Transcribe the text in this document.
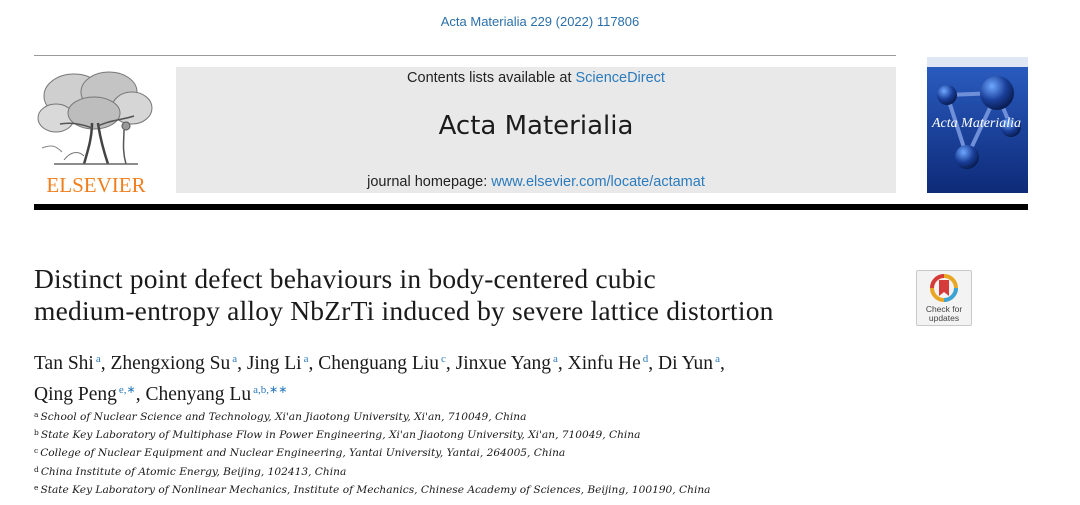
Acta Materialia 229 (2022) 117806
ELSEVIER
Contents lists available at ScienceDirect
Acta Materialia
journal homepage: www.elsevier.com/locate/actamat
Acta Materialia
Distinct point defect behaviours in body-centered cubic
medium-entropy alloy NbZrTi induced by severe lattice distortion	Check for
updates
Tan Shi $^a$, Zhengxiong Su $^a$, Jing Li $^a$, Chenguang Liu $^c$, Jinxue Yang $^a$, Xinfu He $^d$, Di Yun $^a$,
Qing Peng $^{e,∗}$, Chenyang Lu $^{a,b,∗∗}$
$^a$ School of Nuclear Science and Technology, Xi'an Jiaotong University, Xi'an, 710049, China
$^b$ State Key Laboratory of Multiphase Flow in Power Engineering, Xi'an Jiaotong University, Xi'an, 710049, China
$^c$ College of Nuclear Equipment and Nuclear Engineering, Yantai University, Yantai, 264005, China
$^d$ China Institute of Atomic Energy, Beijing, 102413, China
$^e$ State Key Laboratory of Nonlinear Mechanics, Institute of Mechanics, Chinese Academy of Sciences, Beijing, 100190, China
